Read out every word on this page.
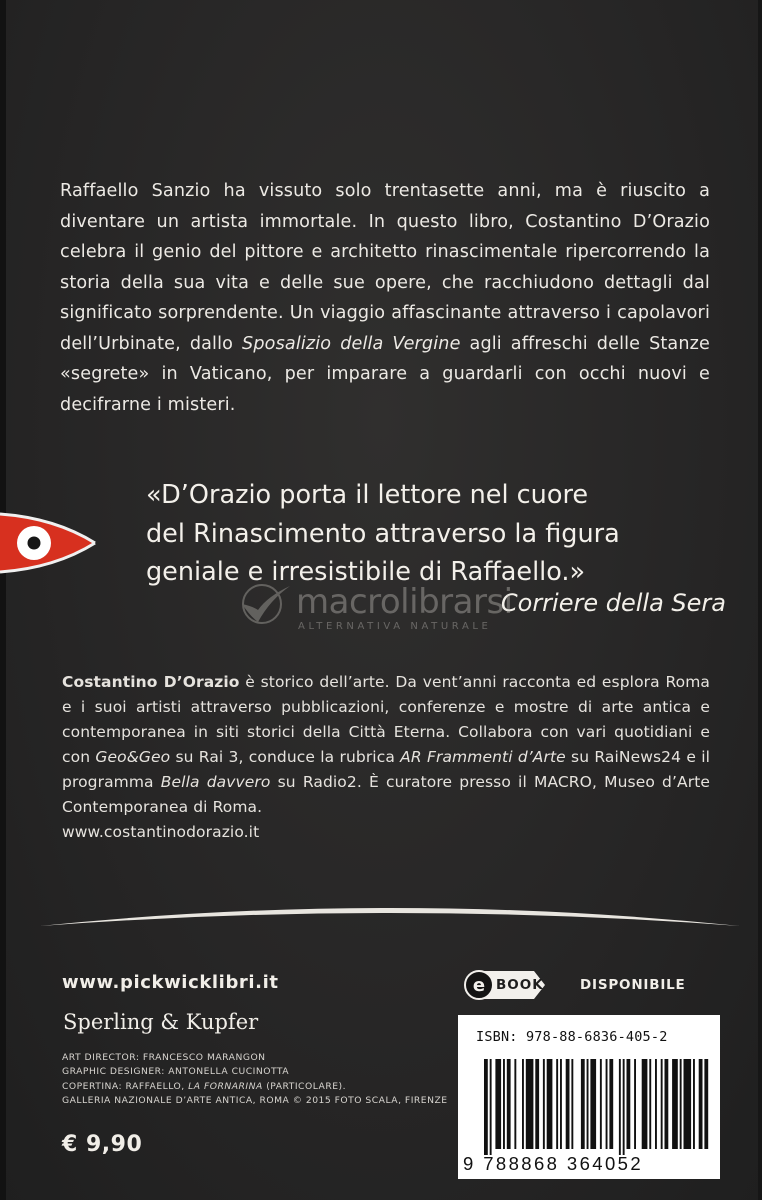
Raffaello Sanzio ha vissuto solo trentasette anni, ma è riuscito a diventare un artista immortale. In questo libro, Costantino D’Orazio celebra il genio del pittore e architetto rinascimentale ripercorrendo la storia della sua vita e delle sue opere, che racchiudono dettagli dal significato sorprendente. Un viaggio affascinante attraverso i capolavori dell’Urbinate, dallo Sposalizio della Vergine agli affreschi delle Stanze «segrete» in Vaticano, per imparare a guardarli con occhi nuovi e decifrarne i misteri.

«D’Orazio porta il lettore nel cuore
del Rinascimento attraverso la figura
geniale e irresistibile di Raffaello.»
Corriere della Sera
macrolibrarsi
ALTERNATIVA NATURALE

Costantino D’Orazio è storico dell’arte. Da vent’anni racconta ed esplora Roma e i suoi artisti attraverso pubblicazioni, conferenze e mostre di arte antica e contemporanea in siti storici della Città Eterna. Collabora con vari quotidiani e con Geo&Geo su Rai 3, conduce la rubrica AR Frammenti d’Arte su RaiNews24 e il programma Bella davvero su Radio2. È curatore presso il MACRO, Museo d’Arte Contemporanea di Roma.
www.costantinodorazio.it

www.pickwicklibri.it
Sperling & Kupfer
ART DIRECTOR: FRANCESCO MARANGON
GRAPHIC DESIGNER: ANTONELLA CUCINOTTA
COPERTINA: RAFFAELLO, LA FORNARINA (PARTICOLARE).
GALLERIA NAZIONALE D’ARTE ANTICA, ROMA © 2015 FOTO SCALA, FIRENZE
€ 9,90
e BOOK	DISPONIBILE
ISBN: 978-88-6836-405-2
9 788868 364052
